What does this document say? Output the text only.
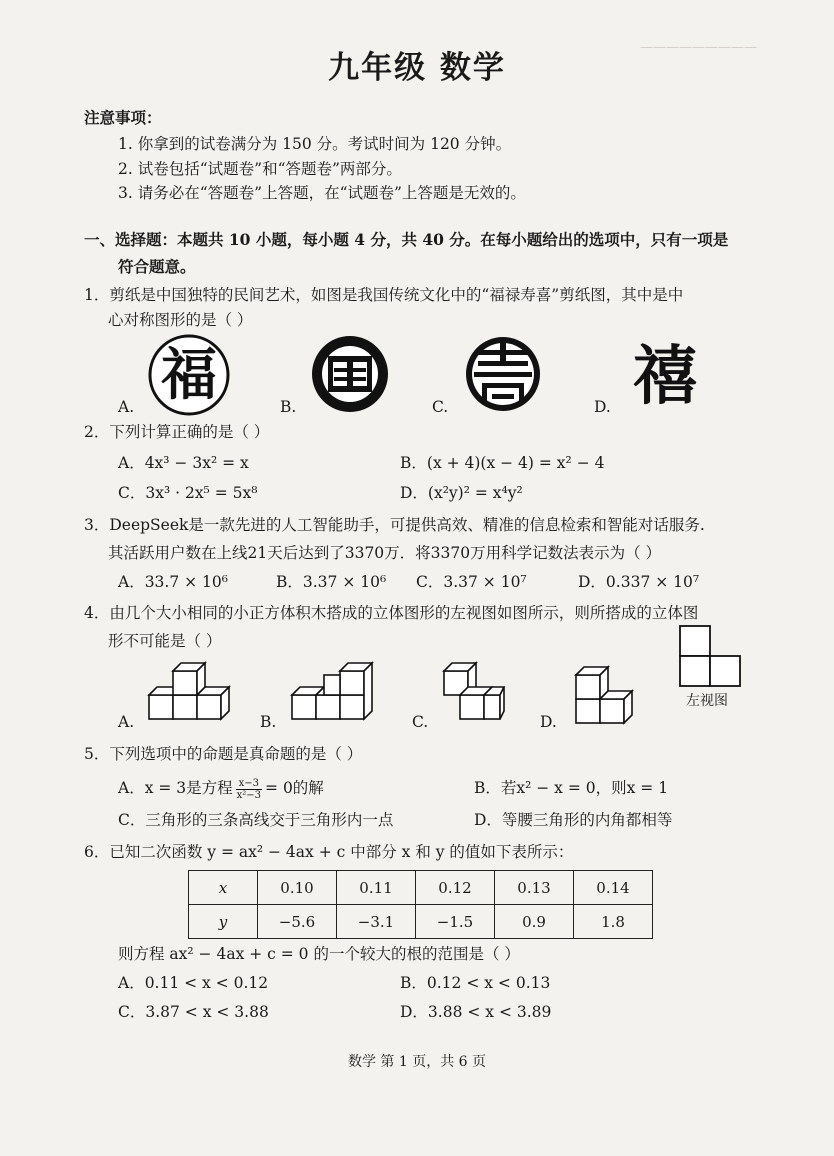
—————————
九年级 数学
注意事项：
1. 你拿到的试卷满分为 150 分。考试时间为 120 分钟。
2. 试卷包括“试题卷”和“答题卷”两部分。
3. 请务必在“答题卷”上答题，在“试题卷”上答题是无效的。
一、选择题：本题共 10 小题，每小题 4 分，共 40 分。在每小题给出的选项中，只有一项是
符合题意。
1．剪纸是中国独特的民间艺术，如图是我国传统文化中的“福禄寿喜”剪纸图，其中是中
心对称图形的是（ ）
福	禧
A.	B.	C.	D.
2．下列计算正确的是（ ）
A．4x³ − 3x² = x	B．(x + 4)(x − 4) = x² − 4
C．3x³ · 2x⁵ = 5x⁸	D．(x²y)² = x⁴y²
3．DeepSeek是一款先进的人工智能助手，可提供高效、精准的信息检索和智能对话服务.
其活跃用户数在上线21天后达到了3370万．将3370万用科学记数法表示为（ ）
A．33.7 × 10⁶	B．3.37 × 10⁶ C．3.37 × 10⁷	D．0.337 × 10⁷
4．由几个大小相同的小正方体积木搭成的立体图形的左视图如图所示，则所搭成的立体图
形不可能是（ ）
左视图
A.	B.	C.	D.
5．下列选项中的命题是真命题的是（ ）
A．x = 3是方程 $\frac{x-3}{\text{x²−3}} = 0$的解	B．若x² − x = 0，则x = 1
C．三角形的三条高线交于三角形内一点	D．等腰三角形的内角都相等
6．已知二次函数 y = ax² − 4ax + c 中部分 x 和 y 的值如下表所示：
x	0.10	0.11	0.12	0.13	0.14
y	−5.6	−3.1	−1.5	0.9	1.8
则方程 ax² − 4ax + c = 0 的一个较大的根的范围是（ ）
A．0.11 < x < 0.12	B．0.12 < x < 0.13
C．3.87 < x < 3.88	D．3.88 < x < 3.89
数学 第 1 页，共 6 页
